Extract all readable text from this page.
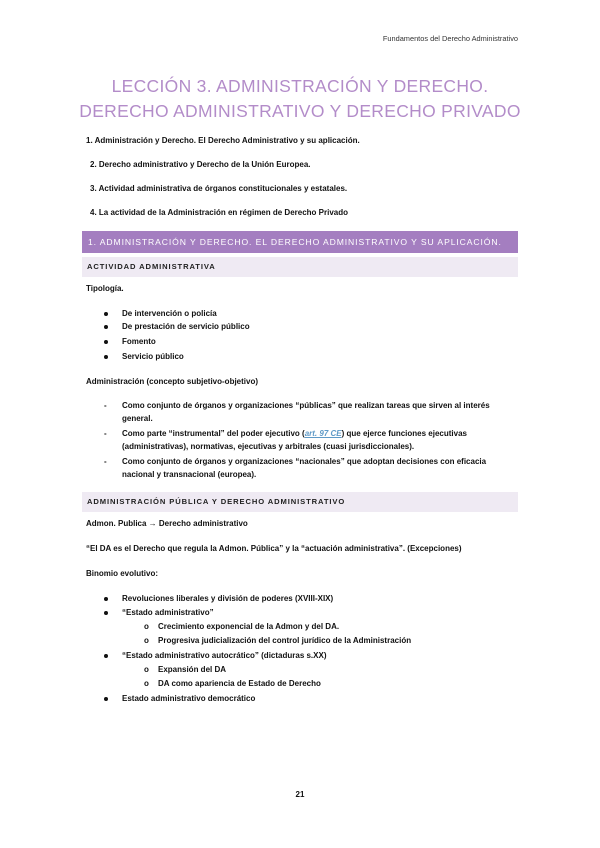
Fundamentos del Derecho Administrativo
LECCIÓN 3. ADMINISTRACIÓN Y DERECHO.
DERECHO ADMINISTRATIVO Y DERECHO PRIVADO
1. Administración y Derecho. El Derecho Administrativo y su aplicación.
2. Derecho administrativo y Derecho de la Unión Europea.
3. Actividad administrativa de órganos constitucionales y estatales.
4. La actividad de la Administración en régimen de Derecho Privado
1. ADMINISTRACIÓN Y DERECHO. EL DERECHO ADMINISTRATIVO Y SU APLICACIÓN.
ACTIVIDAD ADMINISTRATIVA
Tipología.
De intervención o policía
De prestación de servicio público
Fomento
Servicio público
Administración (concepto subjetivo-objetivo)
- Como conjunto de órganos y organizaciones “públicas” que realizan tareas que sirven al interés
general.
- Como parte “instrumental” del poder ejecutivo (art. 97 CE) que ejerce funciones ejecutivas
(administrativas), normativas, ejecutivas y arbitrales (cuasi jurisdiccionales).
- Como conjunto de órganos y organizaciones “nacionales” que adoptan decisiones con eficacia
nacional y transnacional (europea).
ADMINISTRACIÓN PÚBLICA Y DERECHO ADMINISTRATIVO
Admon. Publica → Derecho administrativo
“El DA es el Derecho que regula la Admon. Pública” y la “actuación administrativa”. (Excepciones)
Binomio evolutivo:
Revoluciones liberales y división de poderes (XVIII-XIX)
“Estado administrativo”
o Crecimiento exponencial de la Admon y del DA.
o Progresiva judicialización del control jurídico de la Administración
“Estado administrativo autocrático” (dictaduras s.XX)
o Expansión del DA
o DA como apariencia de Estado de Derecho
Estado administrativo democrático
21
